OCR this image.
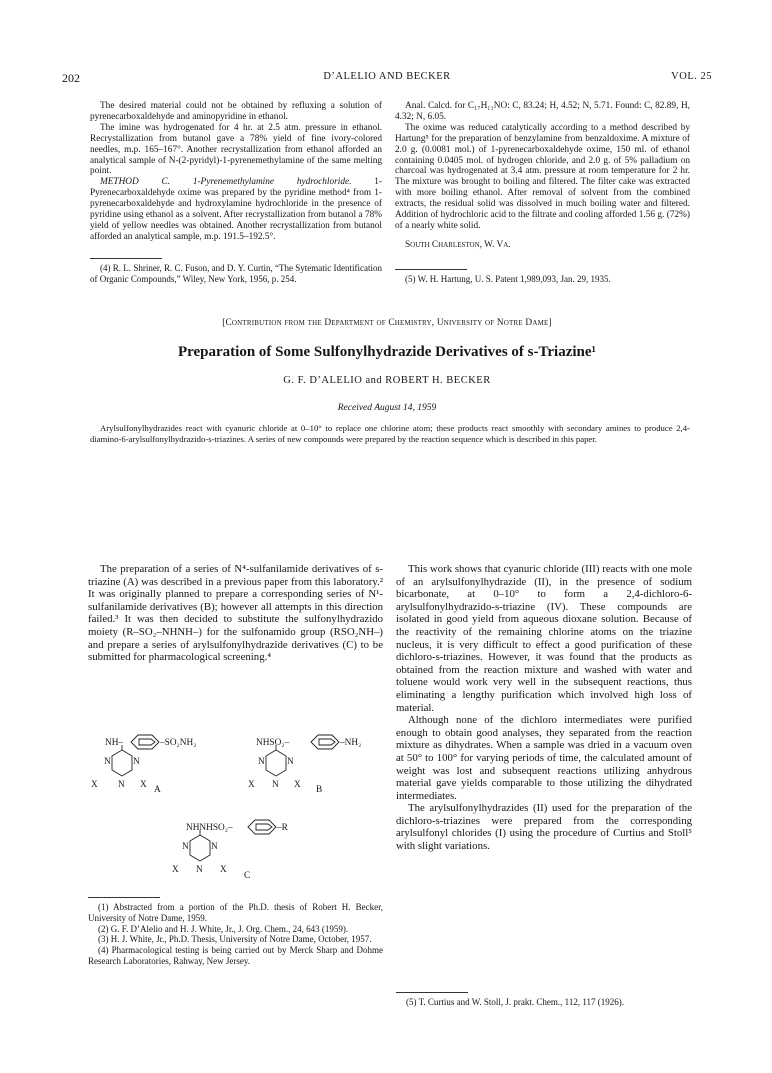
202	D’ALELIO AND BECKER	VOL. 25

The desired material could not be obtained by refluxing a solution of pyrenecarboxaldehyde and aminopyridine in ethanol.

The imine was hydrogenated for 4 hr. at 2.5 atm. pressure in ethanol. Recrystallization from butanol gave a 78% yield of fine ivory-colored needles, m.p. 165–167°. Another recrystallization from ethanol afforded an analytical sample of N-(2-pyridyl)-1-pyrenemethylamine of the same melting point.

METHOD C. 1-Pyrenemethylamine hydrochloride. 1-Pyrenecarboxaldehyde oxime was prepared by the pyridine method⁴ from 1-pyrenecarboxaldehyde and hydroxylamine hydrochloride in the presence of pyridine using ethanol as a solvent. After recrystallization from butanol a 78% yield of yellow needles was obtained. Another recrystallization from butanol afforded an analytical sample, m.p. 191.5–192.5°.

(4) R. L. Shriner, R. C. Fuson, and D. Y. Curtin, “The Sytematic Identification of Organic Compounds,” Wiley, New York, 1956, p. 254.

Anal. Calcd. for C₁₇H₁₁NO: C, 83.24; H, 4.52; N, 5.71. Found: C, 82.89, H, 4.32; N, 6.05.

The oxime was reduced catalytically according to a method described by Hartung⁵ for the preparation of benzylamine from benzaldoxime. A mixture of 2.0 g. (0.0081 mol.) of 1-pyrenecarboxaldehyde oxime, 150 ml. of ethanol containing 0.0405 mol. of hydrogen chloride, and 2.0 g. of 5% palladium on charcoal was hydrogenated at 3.4 atm. pressure at room temperature for 2 hr. The mixture was brought to boiling and filtered. The filter cake was extracted with more boiling ethanol. After removal of solvent from the combined extracts, the residual solid was dissolved in much boiling water and filtered. Addition of hydrochloric acid to the filtrate and cooling afforded 1.56 g. (72%) of a nearly white solid.

South Charleston, W. Va.

(5) W. H. Hartung, U. S. Patent 1,989,093, Jan. 29, 1935.

[Contribution from the Department of Chemistry, University of Notre Dame]
Preparation of Some Sulfonylhydrazide Derivatives of s-Triazine¹
G. F. D’ALELIO and ROBERT H. BECKER
Received August 14, 1959
Arylsulfonylhydrazides react with cyanuric chloride at 0–10° to replace one chlorine atom; these products react smoothly with secondary amines to produce 2,4-diamino-6-arylsulfonylhydrazido-s-triazines. A series of new compounds were prepared by the reaction sequence which is described in this paper.

The preparation of a series of N⁴-sulfanilamide derivatives of s-triazine (A) was described in a previous paper from this laboratory.² It was originally planned to prepare a corresponding series of N¹-sulfanilamide derivatives (B); however all attempts in this direction failed.³ It was then decided to substitute the sulfonylhydrazido moiety (R–SO₂–NHNH–) for the sulfonamido group (RSO₂NH–) and prepare a series of arylsulfonylhydrazide derivatives (C) to be submitted for pharmacological screening.⁴

NH–	–SO₂NH₂
N N
N
X	X A
NHSO₂–	–NH₂
N N
N
X	X B
NHNHSO₂–	–R
N N
N
X	X
C

(1) Abstracted from a portion of the Ph.D. thesis of Robert H. Becker, University of Notre Dame, 1959.

(2) G. F. D’Alelio and H. J. White, Jr., J. Org. Chem., 24, 643 (1959).

(3) H. J. White, Jr., Ph.D. Thesis, University of Notre Dame, October, 1957.

(4) Pharmacological testing is being carried out by Merck Sharp and Dohme Research Laboratories, Rahway, New Jersey.

This work shows that cyanuric chloride (III) reacts with one mole of an arylsulfonylhydrazide (II), in the presence of sodium bicarbonate, at 0–10° to form a 2,4-dichloro-6-arylsulfonylhydrazido-s-triazine (IV). These compounds are isolated in good yield from aqueous dioxane solution. Because of the reactivity of the remaining chlorine atoms on the triazine nucleus, it is very difficult to effect a good purification of these dichloro-s-triazines. However, it was found that the products as obtained from the reaction mixture and washed with water and toluene would work very well in the subsequent reactions, thus eliminating a lengthy purification which involved high loss of material.

Although none of the dichloro intermediates were purified enough to obtain good analyses, they separated from the reaction mixture as dihydrates. When a sample was dried in a vacuum oven at 50° to 100° for varying periods of time, the calculated amount of weight was lost and subsequent reactions utilizing anhydrous material gave yields comparable to those utilizing the dihydrated intermediates.

The arylsulfonylhydrazides (II) used for the preparation of the dichloro-s-triazines were prepared from the corresponding arylsulfonyl chlorides (I) using the procedure of Curtius and Stoll⁵ with slight variations.

(5) T. Curtius and W. Stoll, J. prakt. Chem., 112, 117 (1926).
